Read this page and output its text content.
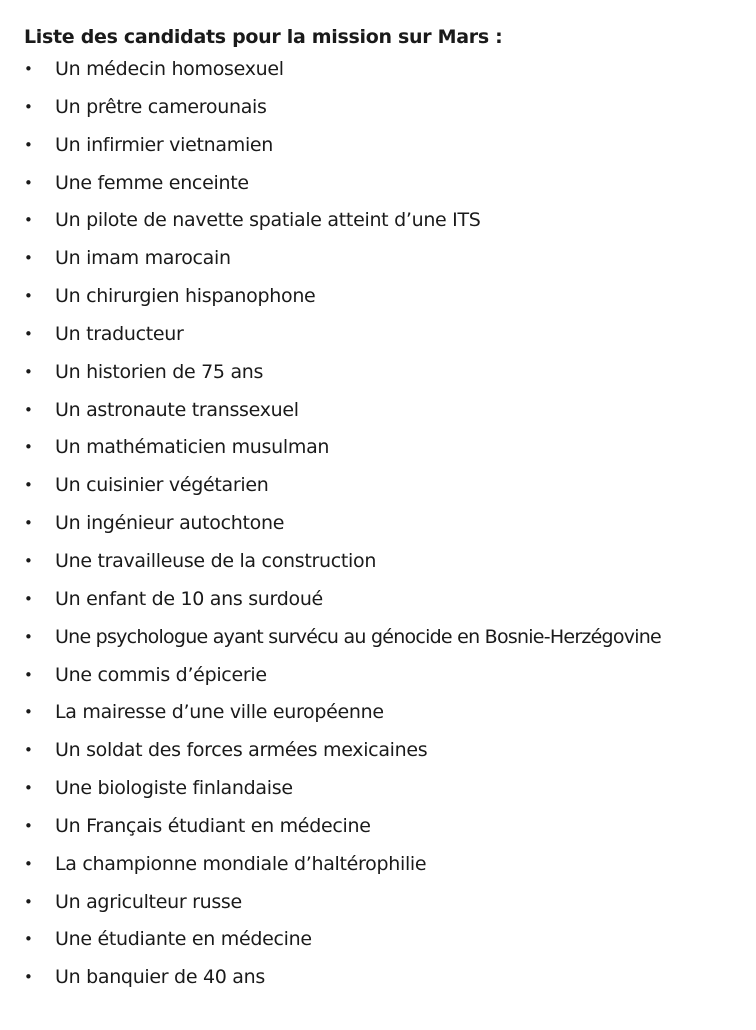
Liste des candidats pour la mission sur Mars :
•	Un médecin homosexuel
•	Un prêtre camerounais
•	Un infirmier vietnamien
•	Une femme enceinte
•	Un pilote de navette spatiale atteint d’une ITS
•	Un imam marocain
•	Un chirurgien hispanophone
•	Un traducteur
•	Un historien de 75 ans
•	Un astronaute transsexuel
•	Un mathématicien musulman
•	Un cuisinier végétarien
•	Un ingénieur autochtone
•	Une travailleuse de la construction
•	Un enfant de 10 ans surdoué
•	Une psychologue ayant survécu au génocide en Bosnie-Herzégovine
•	Une commis d’épicerie
•	La mairesse d’une ville européenne
•	Un soldat des forces armées mexicaines
•	Une biologiste finlandaise
•	Un Français étudiant en médecine
•	La championne mondiale d’haltérophilie
•	Un agriculteur russe
•	Une étudiante en médecine
•	Un banquier de 40 ans
